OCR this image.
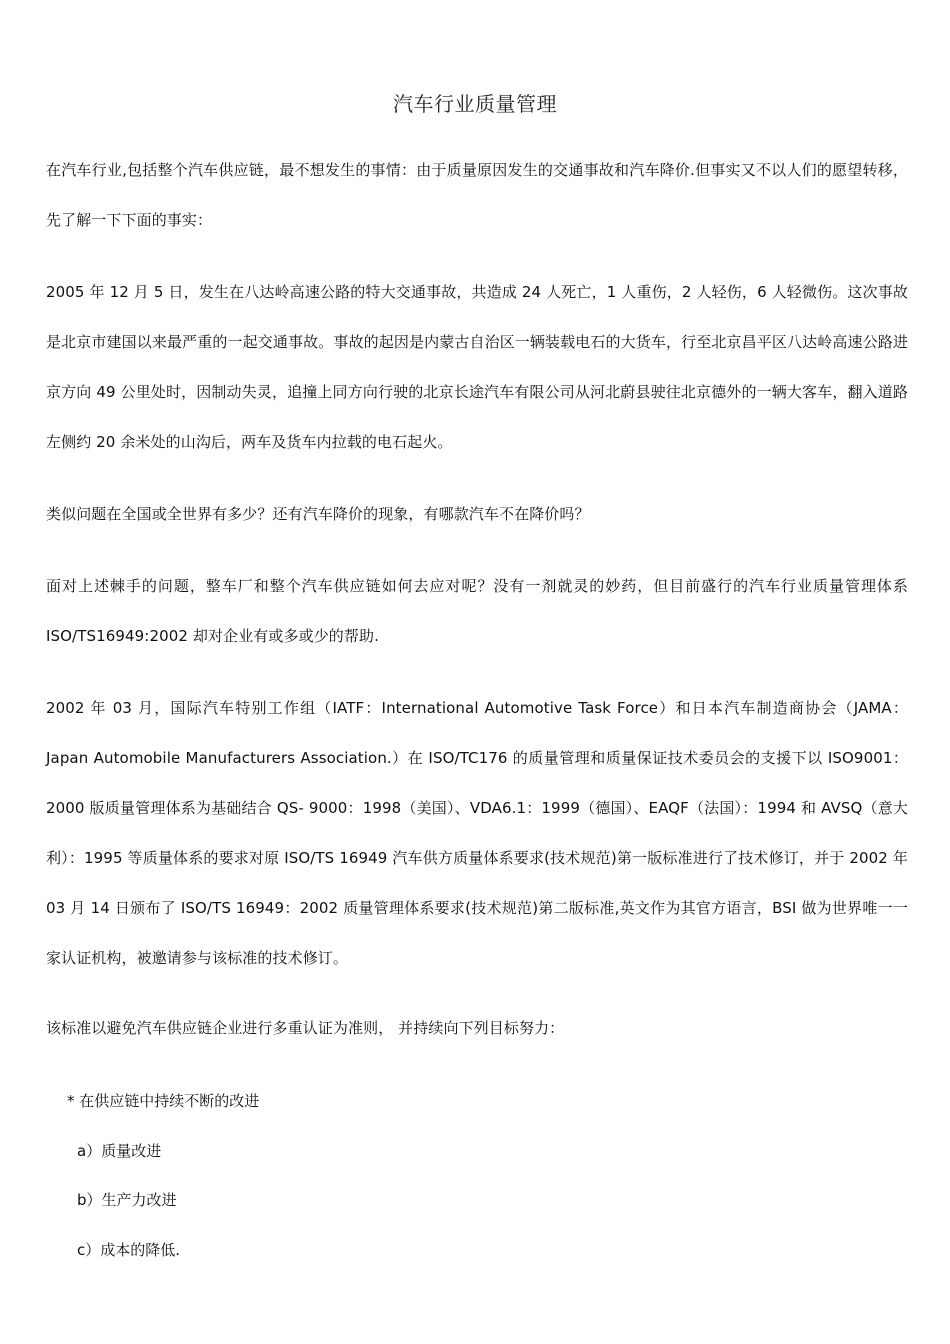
汽车行业质量管理
在汽车行业,包括整个汽车供应链，最不想发生的事情：由于质量原因发生的交通事故和汽车降价.但事实又不以人们的愿望转移，先了解一下下面的事实：
2005 年 12 月 5 日，发生在八达岭高速公路的特大交通事故，共造成 24 人死亡，1 人重伤，2 人轻伤，6 人轻微伤。这次事故是北京市建国以来最严重的一起交通事故。事故的起因是内蒙古自治区一辆装载电石的大货车，行至北京昌平区八达岭高速公路进京方向 49 公里处时，因制动失灵，追撞上同方向行驶的北京长途汽车有限公司从河北蔚县驶往北京德外的一辆大客车，翻入道路左侧约 20 余米处的山沟后，两车及货车内拉载的电石起火。
类似问题在全国或全世界有多少？还有汽车降价的现象，有哪款汽车不在降价吗？
面对上述棘手的问题，整车厂和整个汽车供应链如何去应对呢？没有一剂就灵的妙药，但目前盛行的汽车行业质量管理体系 ISO/TS16949:2002 却对企业有或多或少的帮助.
2002 年 03 月，国际汽车特别工作组（IATF：International Automotive Task Force）和日本汽车制造商协会（JAMA：Japan Automobile Manufacturers Association.）在 ISO/TC176 的质量管理和质量保证技术委员会的支援下以 ISO9001：2000 版质量管理体系为基础结合 QS- 9000：1998（美国）、VDA6.1：1999（德国）、EAQF（法国）：1994 和 AVSQ（意大利）：1995 等质量体系的要求对原 ISO/TS 16949 汽车供方质量体系要求(技术规范)第一版标准进行了技术修订，并于 2002 年 03 月 14 日颁布了 ISO/TS 16949：2002 质量管理体系要求(技术规范)第二版标准,英文作为其官方语言，BSI 做为世界唯一一家认证机构，被邀请参与该标准的技术修订。
该标准以避免汽车供应链企业进行多重认证为准则， 并持续向下列目标努力：
* 在供应链中持续不断的改进
a）质量改进
b）生产力改进
c）成本的降低.
